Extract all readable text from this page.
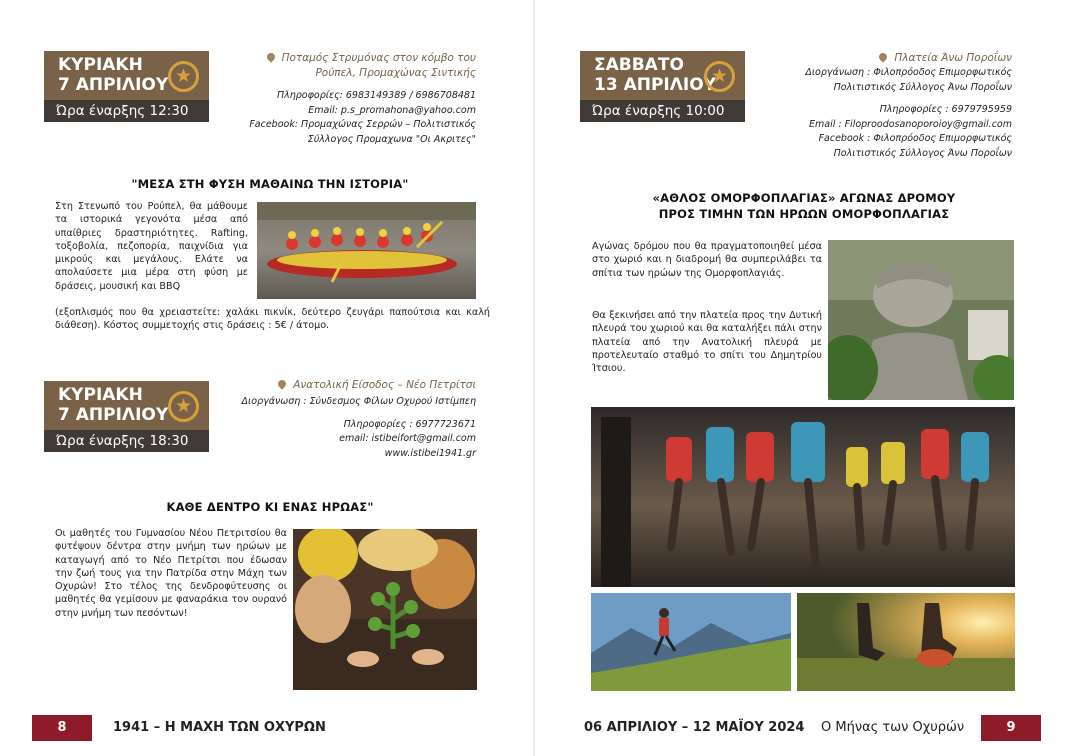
ΚΥΡΙΑΚΗ
7 ΑΠΡΙΛΙΟΥ ★
Ώρα έναρξης 12:30
Ποταμός Στρυμόνας στον κόμβο του
Ρούπελ, Προμαχώνας Σιντικής
Πληροφορίες: 6983149389 / 6986708481
Email: p.s_promahona@yahoo.com
Facebook: Προμαχώνας Σερρών – Πολιτιστικός
Σύλλογος Προμαχωνα "Οι Ακριτες"
"ΜΕΣΑ ΣΤΗ ΦΥΣΗ ΜΑΘΑΙΝΩ ΤΗΝ ΙΣΤΟΡΙΑ"
Στη Στενωπό του Ρούπελ, θα μάθουμε τα ιστορικά γεγονότα μέσα από υπαίθριες δραστηριότητες. Rafting, τοξοβολία, πεζοπορία, παιχνίδια για μικρούς και μεγάλους. Ελάτε να απολαύσετε μια μέρα στη φύση με δράσεις, μουσική και BBQ
(εξοπλισμός που θα χρειαστείτε: χαλάκι πικνίκ, δεύτερο ζευγάρι παπούτσια και καλή διάθεση). Κόστος συμμετοχής στις δράσεις : 5€ / άτομο.
ΚΥΡΙΑΚΗ
7 ΑΠΡΙΛΙΟΥ ★
Ώρα έναρξης 18:30
Ανατολική Είσοδος – Νέο Πετρίτσι
Διοργάνωση : Σύνδεσμος Φίλων Οχυρού Ιστίμπεη
Πληροφορίες : 6977723671
email: istibeifort@gmail.com
www.istibei1941.gr
ΚΑΘΕ ΔΕΝΤΡΟ ΚΙ ΕΝΑΣ ΗΡΩΑΣ"
Οι μαθητές του Γυμνασίου Νέου Πετριτσίου θα φυτέψουν δέντρα στην μνήμη των ηρώων με καταγωγή από το Νέο Πετρίτσι που έδωσαν την ζωή τους για την Πατρίδα στην Μάχη των Οχυρών! Στο τέλος της δενδροφύτευσης οι μαθητές θα γεμίσουν με φαναράκια τον ουρανό στην μνήμη των πεσόντων!
8	1941 – Η ΜΑΧΗ ΤΩΝ ΟΧΥΡΩΝ
ΣΑΒΒΑΤΟ
13 ΑΠΡΙΛΙΟΥ
★
Ώρα έναρξης 10:00
Πλατεία Άνω Ποροΐων
Διοργάνωση : Φιλοπρόοδος Επιμορφωτικός
Πολιτιστικός Σύλλογος Άνω Ποροΐων
Πληροφορίες : 6979795959
Email : Filoproodosanoporoioy@gmail.com
Facebook : Φιλοπρόοδος Επιμορφωτικός
Πολιτιστικός Σύλλογος Άνω Ποροΐων
«ΑΘΛΟΣ ΟΜΟΡΦΟΠΛΑΓΙΑΣ» ΑΓΩΝΑΣ ΔΡΟΜΟΥ
ΠΡΟΣ ΤΙΜΗΝ ΤΩΝ ΗΡΩΩΝ ΟΜΟΡΦΟΠΛΑΓΙΑΣ
Αγώνας δρόμου που θα πραγματοποιηθεί μέσα στο χωριό και η διαδρομή θα συμπεριλάβει τα σπίτια των ηρώων της Ομορφοπλαγιάς.
Θα ξεκινήσει από την πλατεία προς την Δυτική πλευρά του χωριού και θα καταλήξει πάλι στην πλατεία από την Ανατολική πλευρά με προτελευταίο σταθμό το σπίτι του Δημητρίου Ίτσιου.
06 ΑΠΡΙΛΙΟΥ – 12 ΜΑΪΟΥ 2024 Ο Μήνας των Οχυρών	9
